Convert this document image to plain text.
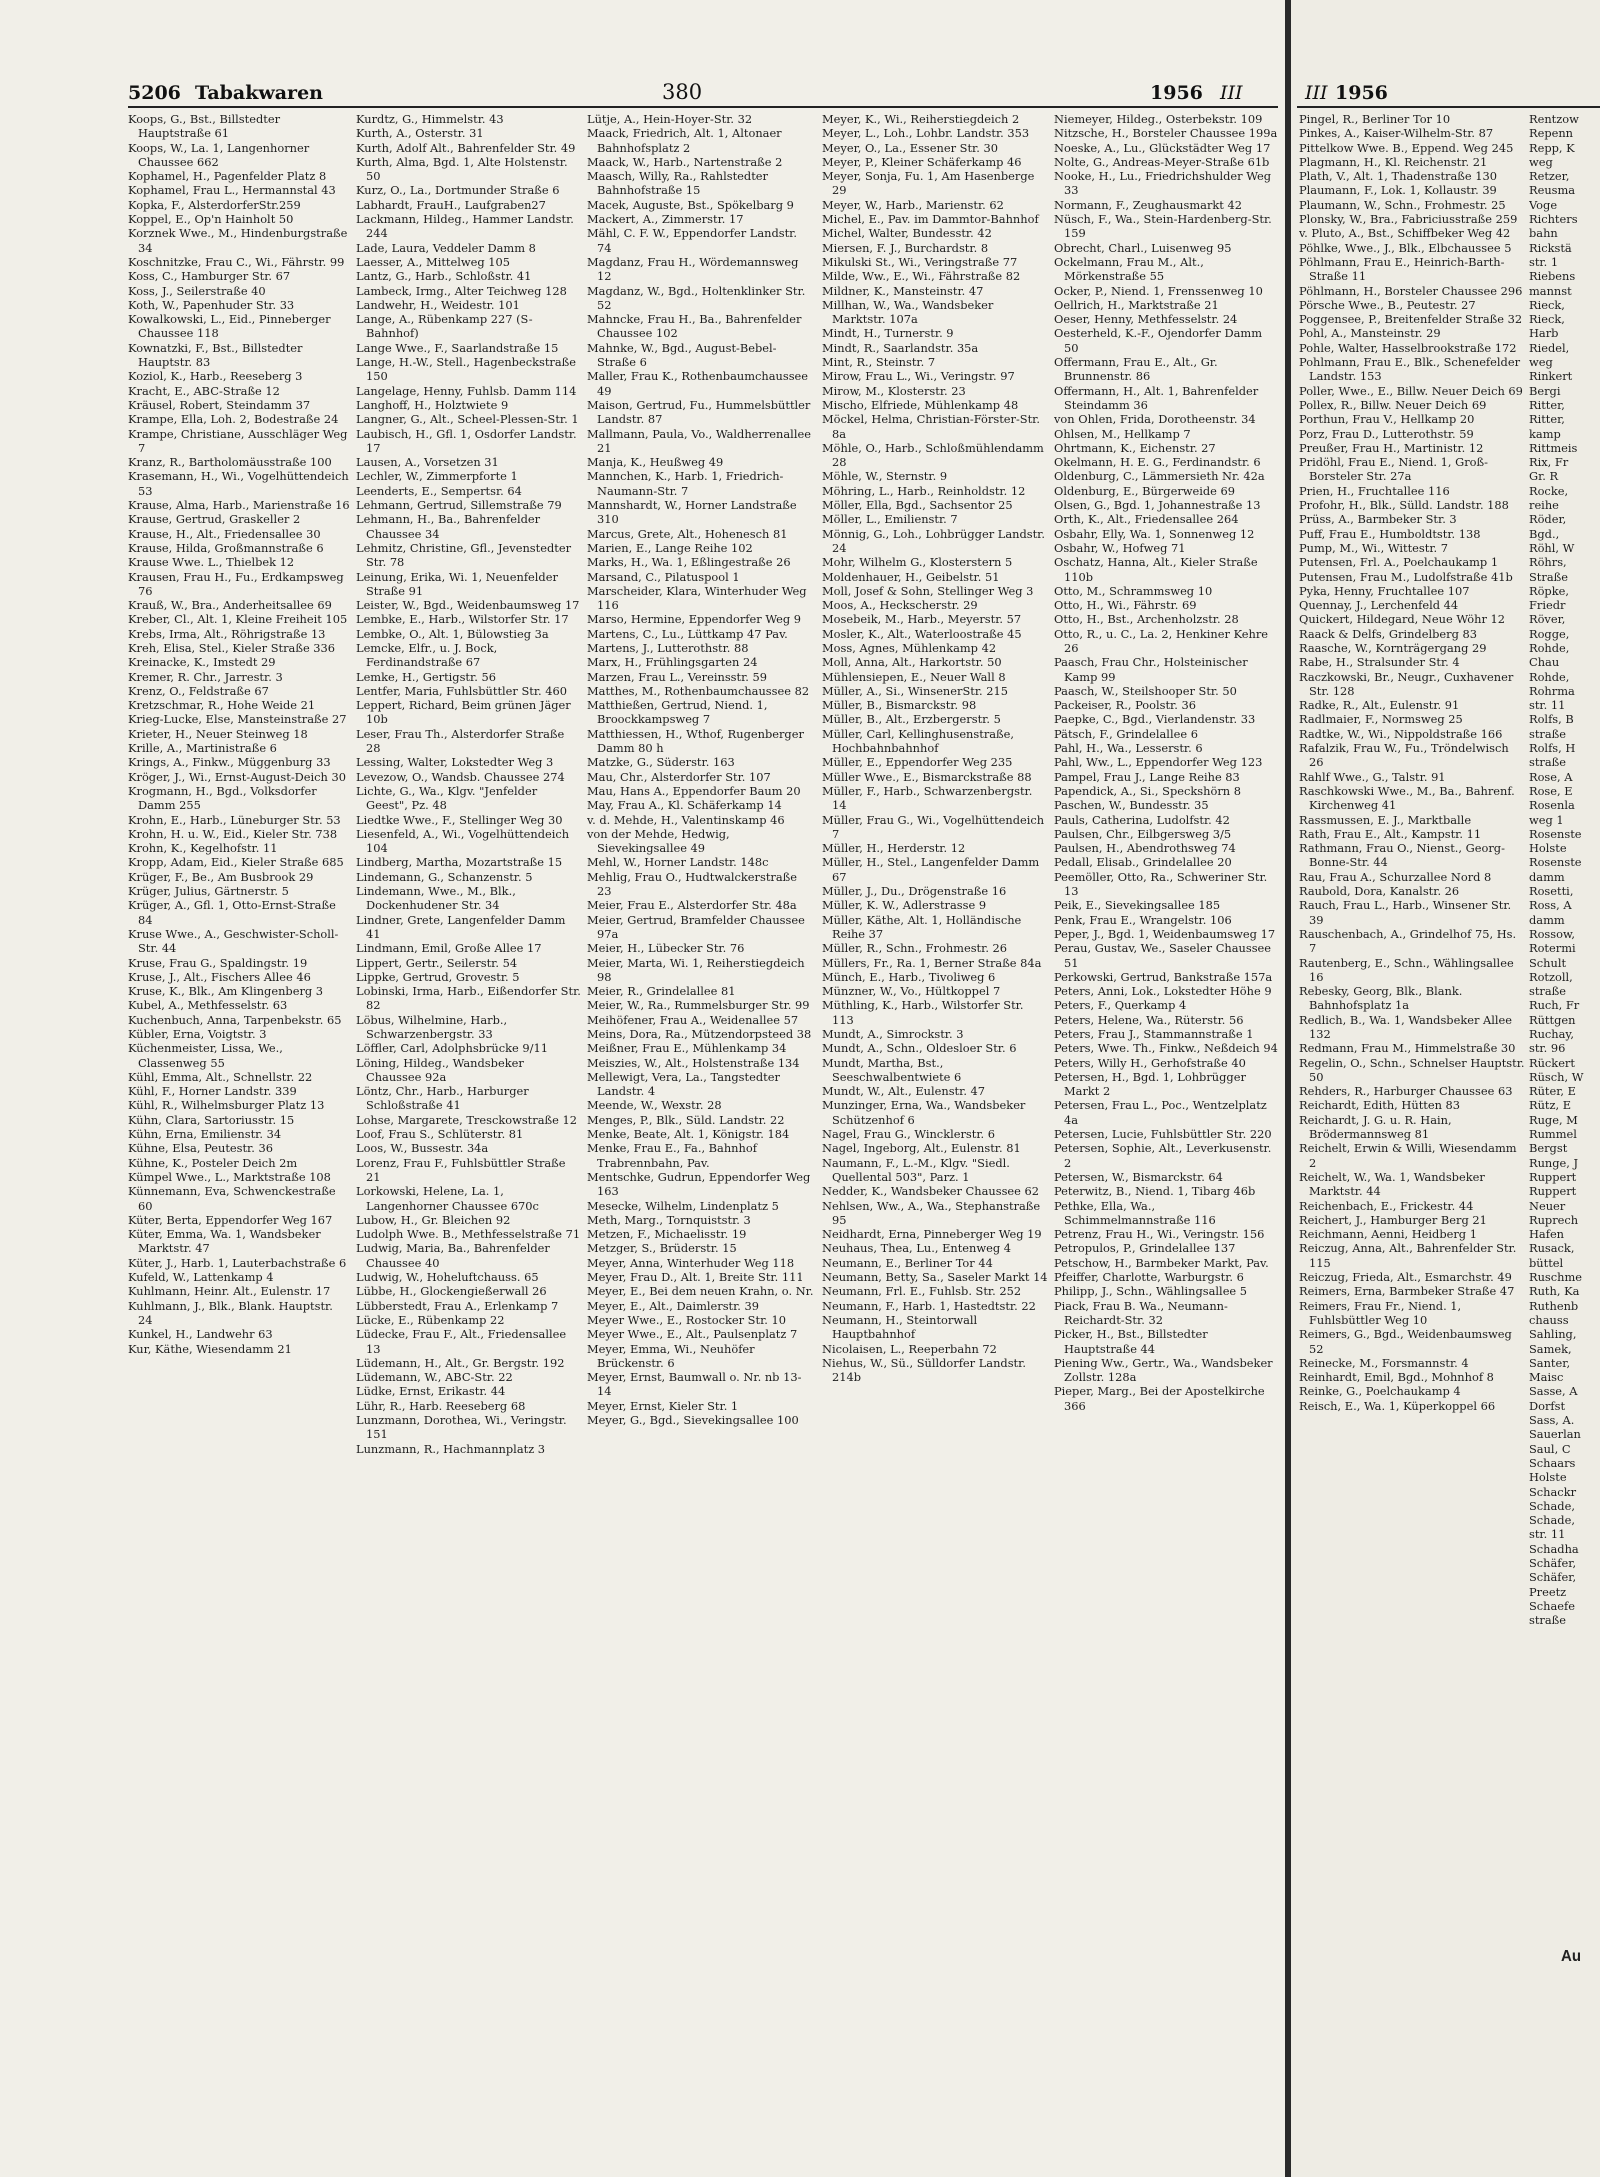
5206 Tabakwaren	380	1956 III

Koops, G., Bst., Billstedter Hauptstraße 61

Koops, W., La. 1, Langenhorner Chaussee 662

Kophamel, H., Pagenfelder Platz 8

Kophamel, Frau L., Hermannstal 43

Kopka, F., AlsterdorferStr.259

Koppel, E., Op'n Hainholt 50

Korznek Wwe., M., Hindenburgstraße 34

Koschnitzke, Frau C., Wi., Fährstr. 99

Koss, C., Hamburger Str. 67

Koss, J., Seilerstraße 40

Koth, W., Papenhuder Str. 33

Kowalkowski, L., Eid., Pinneberger Chaussee 118

Kownatzki, F., Bst., Billstedter Hauptstr. 83

Koziol, K., Harb., Reeseberg 3

Kracht, E., ABC-Straße 12

Kräusel, Robert, Steindamm 37

Krampe, Ella, Loh. 2, Bodestraße 24

Krampe, Christiane, Ausschläger Weg 7

Kranz, R., Bartholomäusstraße 100

Krasemann, H., Wi., Vogelhüttendeich 53

Krause, Alma, Harb., Marienstraße 16

Krause, Gertrud, Graskeller 2

Krause, H., Alt., Friedensallee 30

Krause, Hilda, Großmannstraße 6

Krause Wwe. L., Thielbek 12

Krausen, Frau H., Fu., Erdkampsweg 76

Krauß, W., Bra., Anderheitsallee 69

Kreber, Cl., Alt. 1, Kleine Freiheit 105

Krebs, Irma, Alt., Röhrigstraße 13

Kreh, Elisa, Stel., Kieler Straße 336

Kreinacke, K., Imstedt 29

Kremer, R. Chr., Jarrestr. 3

Krenz, O., Feldstraße 67

Kretzschmar, R., Hohe Weide 21

Krieg-Lucke, Else, Mansteinstraße 27

Krieter, H., Neuer Steinweg 18

Krille, A., Martinistraße 6

Krings, A., Finkw., Müggenburg 33

Kröger, J., Wi., Ernst-August-Deich 30

Krogmann, H., Bgd., Volksdorfer Damm 255

Krohn, E., Harb., Lüneburger Str. 53

Krohn, H. u. W., Eid., Kieler Str. 738

Krohn, K., Kegelhofstr. 11

Kropp, Adam, Eid., Kieler Straße 685

Krüger, F., Be., Am Busbrook 29

Krüger, Julius, Gärtnerstr. 5

Krüger, A., Gfl. 1, Otto-Ernst-Straße 84

Kruse Wwe., A., Geschwister-Scholl-Str. 44

Kruse, Frau G., Spaldingstr. 19

Kruse, J., Alt., Fischers Allee 46

Kruse, K., Blk., Am Klingenberg 3

Kubel, A., Methfesselstr. 63

Kuchenbuch, Anna, Tarpenbekstr. 65

Kübler, Erna, Voigtstr. 3

Küchenmeister, Lissa, We., Classenweg 55

Kühl, Emma, Alt., Schnellstr. 22

Kühl, F., Horner Landstr. 339

Kühl, R., Wilhelmsburger Platz 13

Kühn, Clara, Sartoriusstr. 15

Kühn, Erna, Emilienstr. 34

Kühne, Elsa, Peutestr. 36

Kühne, K., Posteler Deich 2m

Kümpel Wwe., L., Marktstraße 108

Künnemann, Eva, Schwenckestraße 60

Küter, Berta, Eppendorfer Weg 167

Küter, Emma, Wa. 1, Wandsbeker Marktstr. 47

Küter, J., Harb. 1, Lauterbachstraße 6

Kufeld, W., Lattenkamp 4

Kuhlmann, Heinr. Alt., Eulenstr. 17

Kuhlmann, J., Blk., Blank. Hauptstr. 24

Kunkel, H., Landwehr 63

Kur, Käthe, Wiesendamm 21

Kurdtz, G., Himmelstr. 43

Kurth, A., Osterstr. 31

Kurth, Adolf Alt., Bahrenfelder Str. 49

Kurth, Alma, Bgd. 1, Alte Holstenstr. 50

Kurz, O., La., Dortmunder Straße 6

Labhardt, FrauH., Laufgraben27

Lackmann, Hildeg., Hammer Landstr. 244

Lade, Laura, Veddeler Damm 8

Laesser, A., Mittelweg 105

Lantz, G., Harb., Schloßstr. 41

Lambeck, Irmg., Alter Teichweg 128

Landwehr, H., Weidestr. 101

Lange, A., Rübenkamp 227 (S-Bahnhof)

Lange Wwe., F., Saarlandstraße 15

Lange, H.-W., Stell., Hagenbeckstraße 150

Langelage, Henny, Fuhlsb. Damm 114

Langhoff, H., Holztwiete 9

Langner, G., Alt., Scheel-Plessen-Str. 1

Laubisch, H., Gfl. 1, Osdorfer Landstr. 17

Lausen, A., Vorsetzen 31

Lechler, W., Zimmerpforte 1

Leenderts, E., Sempertsr. 64

Lehmann, Gertrud, Sillemstraße 79

Lehmann, H., Ba., Bahrenfelder Chaussee 34

Lehmitz, Christine, Gfl., Jevenstedter Str. 78

Leinung, Erika, Wi. 1, Neuenfelder Straße 91

Leister, W., Bgd., Weidenbaumsweg 17

Lembke, E., Harb., Wilstorfer Str. 17

Lembke, O., Alt. 1, Bülowstieg 3a

Lemcke, Elfr., u. J. Bock, Ferdinandstraße 67

Lemke, H., Gertigstr. 56

Lentfer, Maria, Fuhlsbüttler Str. 460

Leppert, Richard, Beim grünen Jäger 10b

Leser, Frau Th., Alsterdorfer Straße 28

Lessing, Walter, Lokstedter Weg 3

Levezow, O., Wandsb. Chaussee 274

Lichte, G., Wa., Klgv. "Jenfelder Geest", Pz. 48

Liedtke Wwe., F., Stellinger Weg 30

Liesenfeld, A., Wi., Vogelhüttendeich 104

Lindberg, Martha, Mozartstraße 15

Lindemann, G., Schanzenstr. 5

Lindemann, Wwe., M., Blk., Dockenhudener Str. 34

Lindner, Grete, Langenfelder Damm 41

Lindmann, Emil, Große Allee 17

Lippert, Gertr., Seilerstr. 54

Lippke, Gertrud, Grovestr. 5

Lobinski, Irma, Harb., Eißendorfer Str. 82

Löbus, Wilhelmine, Harb., Schwarzenbergstr. 33

Löffler, Carl, Adolphsbrücke 9/11

Löning, Hildeg., Wandsbeker Chaussee 92a

Löntz, Chr., Harb., Harburger Schloßstraße 41

Lohse, Margarete, Tresckowstraße 12

Loof, Frau S., Schlüterstr. 81

Loos, W., Bussestr. 34a

Lorenz, Frau F., Fuhlsbüttler Straße 21

Lorkowski, Helene, La. 1, Langenhorner Chaussee 670c

Lubow, H., Gr. Bleichen 92

Ludolph Wwe. B., Methfesselstraße 71

Ludwig, Maria, Ba., Bahrenfelder Chaussee 40

Ludwig, W., Hoheluftchauss. 65

Lübbe, H., Glockengießerwall 26

Lübberstedt, Frau A., Erlenkamp 7

Lücke, E., Rübenkamp 22

Lüdecke, Frau F., Alt., Friedensallee 13

Lüdemann, H., Alt., Gr. Bergstr. 192

Lüdemann, W., ABC-Str. 22

Lüdke, Ernst, Erikastr. 44

Lühr, R., Harb. Reeseberg 68

Lunzmann, Dorothea, Wi., Veringstr. 151

Lunzmann, R., Hachmannplatz 3

Lütje, A., Hein-Hoyer-Str. 32

Maack, Friedrich, Alt. 1, Altonaer Bahnhofsplatz 2

Maack, W., Harb., Nartenstraße 2

Maasch, Willy, Ra., Rahlstedter Bahnhofstraße 15

Macek, Auguste, Bst., Spökelbarg 9

Mackert, A., Zimmerstr. 17

Mähl, C. F. W., Eppendorfer Landstr. 74

Magdanz, Frau H., Wördemannsweg 12

Magdanz, W., Bgd., Holtenklinker Str. 52

Mahncke, Frau H., Ba., Bahrenfelder Chaussee 102

Mahnke, W., Bgd., August-Bebel-Straße 6

Maller, Frau K., Rothenbaumchaussee 49

Maison, Gertrud, Fu., Hummelsbüttler Landstr. 87

Mallmann, Paula, Vo., Waldherrenallee 21

Manja, K., Heußweg 49

Mannchen, K., Harb. 1, Friedrich-Naumann-Str. 7

Mannshardt, W., Horner Landstraße 310

Marcus, Grete, Alt., Hohenesch 81

Marien, E., Lange Reihe 102

Marks, H., Wa. 1, Eßlingestraße 26

Marsand, C., Pilatuspool 1

Marscheider, Klara, Winterhuder Weg 116

Marso, Hermine, Eppendorfer Weg 9

Martens, C., Lu., Lüttkamp 47 Pav.

Martens, J., Lutterothstr. 88

Marx, H., Frühlingsgarten 24

Marzen, Frau L., Vereinsstr. 59

Matthes, M., Rothenbaumchaussee 82

Matthießen, Gertrud, Niend. 1, Broockkampsweg 7

Matthiessen, H., Wthof, Rugenberger Damm 80 h

Matzke, G., Süderstr. 163

Mau, Chr., Alsterdorfer Str. 107

Mau, Hans A., Eppendorfer Baum 20

May, Frau A., Kl. Schäferkamp 14

v. d. Mehde, H., Valentinskamp 46

von der Mehde, Hedwig, Sievekingsallee 49

Mehl, W., Horner Landstr. 148c

Mehlig, Frau O., Hudtwalckerstraße 23

Meier, Frau E., Alsterdorfer Str. 48a

Meier, Gertrud, Bramfelder Chaussee 97a

Meier, H., Lübecker Str. 76

Meier, Marta, Wi. 1, Reiherstiegdeich 98

Meier, R., Grindelallee 81

Meier, W., Ra., Rummelsburger Str. 99

Meihöfener, Frau A., Weidenallee 57

Meins, Dora, Ra., Mützendorpsteed 38

Meißner, Frau E., Mühlenkamp 34

Meiszies, W., Alt., Holstenstraße 134

Mellewigt, Vera, La., Tangstedter Landstr. 4

Meende, W., Wexstr. 28

Menges, P., Blk., Süld. Landstr. 22

Menke, Beate, Alt. 1, Königstr. 184

Menke, Frau E., Fa., Bahnhof Trabrennbahn, Pav.

Mentschke, Gudrun, Eppendorfer Weg 163

Mesecke, Wilhelm, Lindenplatz 5

Meth, Marg., Tornquiststr. 3

Metzen, F., Michaelisstr. 19

Metzger, S., Brüderstr. 15

Meyer, Anna, Winterhuder Weg 118

Meyer, Frau D., Alt. 1, Breite Str. 111

Meyer, E., Bei dem neuen Krahn, o. Nr.

Meyer, E., Alt., Daimlerstr. 39

Meyer Wwe., E., Rostocker Str. 10

Meyer Wwe., E., Alt., Paulsenplatz 7

Meyer, Emma, Wi., Neuhöfer Brückenstr. 6

Meyer, Ernst, Baumwall o. Nr. nb 13-14

Meyer, Ernst, Kieler Str. 1

Meyer, G., Bgd., Sievekingsallee 100

Meyer, K., Wi., Reiherstiegdeich 2

Meyer, L., Loh., Lohbr. Landstr. 353

Meyer, O., La., Essener Str. 30

Meyer, P., Kleiner Schäferkamp 46

Meyer, Sonja, Fu. 1, Am Hasenberge 29

Meyer, W., Harb., Marienstr. 62

Michel, E., Pav. im Dammtor-Bahnhof

Michel, Walter, Bundesstr. 42

Miersen, F. J., Burchardstr. 8

Mikulski St., Wi., Veringstraße 77

Milde, Ww., E., Wi., Fährstraße 82

Mildner, K., Mansteinstr. 47

Millhan, W., Wa., Wandsbeker Marktstr. 107a

Mindt, H., Turnerstr. 9

Mindt, R., Saarlandstr. 35a

Mint, R., Steinstr. 7

Mirow, Frau L., Wi., Veringstr. 97

Mirow, M., Klosterstr. 23

Mischo, Elfriede, Mühlenkamp 48

Möckel, Helma, Christian-Förster-Str. 8a

Möhle, O., Harb., Schloßmühlendamm 28

Möhle, W., Sternstr. 9

Möhring, L., Harb., Reinholdstr. 12

Möller, Ella, Bgd., Sachsentor 25

Möller, L., Emilienstr. 7

Mönnig, G., Loh., Lohbrügger Landstr. 24

Mohr, Wilhelm G., Klosterstern 5

Moldenhauer, H., Geibelstr. 51

Moll, Josef & Sohn, Stellinger Weg 3

Moos, A., Heckscherstr. 29

Mosebeik, M., Harb., Meyerstr. 57

Mosler, K., Alt., Waterloostraße 45

Moss, Agnes, Mühlenkamp 42

Moll, Anna, Alt., Harkortstr. 50

Mühlensiepen, E., Neuer Wall 8

Müller, A., Si., WinsenerStr. 215

Müller, B., Bismarckstr. 98

Müller, B., Alt., Erzbergerstr. 5

Müller, Carl, Kellinghusenstraße, Hochbahnbahnhof

Müller, E., Eppendorfer Weg 235

Müller Wwe., E., Bismarckstraße 88

Müller, F., Harb., Schwarzenbergstr. 14

Müller, Frau G., Wi., Vogelhüttendeich 7

Müller, H., Herderstr. 12

Müller, H., Stel., Langenfelder Damm 67

Müller, J., Du., Drögenstraße 16

Müller, K. W., Adlerstrasse 9

Müller, Käthe, Alt. 1, Holländische Reihe 37

Müller, R., Schn., Frohmestr. 26

Müllers, Fr., Ra. 1, Berner Straße 84a

Münch, E., Harb., Tivoliweg 6

Münzner, W., Vo., Hültkoppel 7

Müthling, K., Harb., Wilstorfer Str. 113

Mundt, A., Simrockstr. 3

Mundt, A., Schn., Oldesloer Str. 6

Mundt, Martha, Bst., Seeschwalbentwiete 6

Mundt, W., Alt., Eulenstr. 47

Munzinger, Erna, Wa., Wandsbeker Schützenhof 6

Nagel, Frau G., Wincklerstr. 6

Nagel, Ingeborg, Alt., Eulenstr. 81

Naumann, F., L.-M., Klgv. "Siedl. Quellental 503", Parz. 1

Nedder, K., Wandsbeker Chaussee 62

Nehlsen, Ww., A., Wa., Stephanstraße 95

Neidhardt, Erna, Pinneberger Weg 19

Neuhaus, Thea, Lu., Entenweg 4

Neumann, E., Berliner Tor 44

Neumann, Betty, Sa., Saseler Markt 14

Neumann, Frl. E., Fuhlsb. Str. 252

Neumann, F., Harb. 1, Hastedtstr. 22

Neumann, H., Steintorwall Hauptbahnhof

Nicolaisen, L., Reeperbahn 72

Niehus, W., Sü., Sülldorfer Landstr. 214b

Niemeyer, Hildeg., Osterbekstr. 109

Nitzsche, H., Borsteler Chaussee 199a

Noeske, A., Lu., Glückstädter Weg 17

Nolte, G., Andreas-Meyer-Straße 61b

Nooke, H., Lu., Friedrichshulder Weg 33

Normann, F., Zeughausmarkt 42

Nüsch, F., Wa., Stein-Hardenberg-Str. 159

Obrecht, Charl., Luisenweg 95

Ockelmann, Frau M., Alt., Mörkenstraße 55

Ocker, P., Niend. 1, Frenssenweg 10

Oellrich, H., Marktstraße 21

Oeser, Henny, Methfesselstr. 24

Oesterheld, K.-F., Ojendorfer Damm 50

Offermann, Frau E., Alt., Gr. Brunnenstr. 86

Offermann, H., Alt. 1, Bahrenfelder Steindamm 36

von Ohlen, Frida, Dorotheenstr. 34

Ohlsen, M., Hellkamp 7

Ohrtmann, K., Eichenstr. 27

Okelmann, H. E. G., Ferdinandstr. 6

Oldenburg, C., Lämmersieth Nr. 42a

Oldenburg, E., Bürgerweide 69

Olsen, G., Bgd. 1, Johannestraße 13

Orth, K., Alt., Friedensallee 264

Osbahr, Elly, Wa. 1, Sonnenweg 12

Osbahr, W., Hofweg 71

Oschatz, Hanna, Alt., Kieler Straße 110b

Otto, M., Schrammsweg 10

Otto, H., Wi., Fährstr. 69

Otto, H., Bst., Archenholzstr. 28

Otto, R., u. C., La. 2, Henkiner Kehre 26

Paasch, Frau Chr., Holsteinischer Kamp 99

Paasch, W., Steilshooper Str. 50

Packeiser, R., Poolstr. 36

Paepke, C., Bgd., Vierlandenstr. 33

Pätsch, F., Grindelallee 6

Pahl, H., Wa., Lesserstr. 6

Pahl, Ww., L., Eppendorfer Weg 123

Pampel, Frau J., Lange Reihe 83

Papendick, A., Si., Speckshörn 8

Paschen, W., Bundesstr. 35

Pauls, Catherina, Ludolfstr. 42

Paulsen, Chr., Eilbgersweg 3/5

Paulsen, H., Abendrothsweg 74

Pedall, Elisab., Grindelallee 20

Peemöller, Otto, Ra., Schweriner Str. 13

Peik, E., Sievekingsallee 185

Penk, Frau E., Wrangelstr. 106

Peper, J., Bgd. 1, Weidenbaumsweg 17

Perau, Gustav, We., Saseler Chaussee 51

Perkowski, Gertrud, Bankstraße 157a

Peters, Anni, Lok., Lokstedter Höhe 9

Peters, F., Querkamp 4

Peters, Helene, Wa., Rüterstr. 56

Peters, Frau J., Stammannstraße 1

Peters, Wwe. Th., Finkw., Neßdeich 94

Peters, Willy H., Gerhofstraße 40

Petersen, H., Bgd. 1, Lohbrügger Markt 2

Petersen, Frau L., Poc., Wentzelplatz 4a

Petersen, Lucie, Fuhlsbüttler Str. 220

Petersen, Sophie, Alt., Leverkusenstr. 2

Petersen, W., Bismarckstr. 64

Peterwitz, B., Niend. 1, Tibarg 46b

Pethke, Ella, Wa., Schimmelmannstraße 116

Petrenz, Frau H., Wi., Veringstr. 156

Petropulos, P., Grindelallee 137

Petschow, H., Barmbeker Markt, Pav.

Pfeiffer, Charlotte, Warburgstr. 6

Philipp, J., Schn., Wählingsallee 5

Piack, Frau B. Wa., Neumann-Reichardt-Str. 32

Picker, H., Bst., Billstedter Hauptstraße 44

Piening Ww., Gertr., Wa., Wandsbeker Zollstr. 128a

Pieper, Marg., Bei der Apostelkirche 366

III 1956

Pingel, R., Berliner Tor 10

Pinkes, A., Kaiser-Wilhelm-Str. 87

Pittelkow Wwe. B., Eppend. Weg 245

Plagmann, H., Kl. Reichenstr. 21

Plath, V., Alt. 1, Thadenstraße 130

Plaumann, F., Lok. 1, Kollaustr. 39

Plaumann, W., Schn., Frohmestr. 25

Plonsky, W., Bra., Fabriciusstraße 259

v. Pluto, A., Bst., Schiffbeker Weg 42

Pöhlke, Wwe., J., Blk., Elbchaussee 5

Pöhlmann, Frau E., Heinrich-Barth-Straße 11

Pöhlmann, H., Borsteler Chaussee 296

Pörsche Wwe., B., Peutestr. 27

Poggensee, P., Breitenfelder Straße 32

Pohl, A., Mansteinstr. 29

Pohle, Walter, Hasselbrookstraße 172

Pohlmann, Frau E., Blk., Schenefelder Landstr. 153

Poller, Wwe., E., Billw. Neuer Deich 69

Pollex, R., Billw. Neuer Deich 69

Porthun, Frau V., Hellkamp 20

Porz, Frau D., Lutterothstr. 59

Preußer, Frau H., Martinistr. 12

Pridöhl, Frau E., Niend. 1, Groß-Borsteler Str. 27a

Prien, H., Fruchtallee 116

Profohr, H., Blk., Sülld. Landstr. 188

Prüss, A., Barmbeker Str. 3

Puff, Frau E., Humboldtstr. 138

Pump, M., Wi., Wittestr. 7

Putensen, Frl. A., Poelchaukamp 1

Putensen, Frau M., Ludolfstraße 41b

Pyka, Henny, Fruchtallee 107

Quennay, J., Lerchenfeld 44

Quickert, Hildegard, Neue Wöhr 12

Raack & Delfs, Grindelberg 83

Raasche, W., Kornträgergang 29

Rabe, H., Stralsunder Str. 4

Raczkowski, Br., Neugr., Cuxhavener Str. 128

Radke, R., Alt., Eulenstr. 91

Radlmaier, F., Normsweg 25

Radtke, W., Wi., Nippoldstraße 166

Rafalzik, Frau W., Fu., Tröndelwisch 26

Rahlf Wwe., G., Talstr. 91

Raschkowski Wwe., M., Ba., Bahrenf. Kirchenweg 41

Rassmussen, E. J., Marktballe

Rath, Frau E., Alt., Kampstr. 11

Rathmann, Frau O., Nienst., Georg-Bonne-Str. 44

Rau, Frau A., Schurzallee Nord 8

Raubold, Dora, Kanalstr. 26

Rauch, Frau L., Harb., Winsener Str. 39

Rauschenbach, A., Grindelhof 75, Hs. 7

Rautenberg, E., Schn., Wählingsallee 16

Rebesky, Georg, Blk., Blank. Bahnhofsplatz 1a

Redlich, B., Wa. 1, Wandsbeker Allee 132

Redmann, Frau M., Himmelstraße 30

Regelin, O., Schn., Schnelser Hauptstr. 50

Rehders, R., Harburger Chaussee 63

Reichardt, Edith, Hütten 83

Reichardt, J. G. u. R. Hain, Brödermannsweg 81

Reichelt, Erwin & Willi, Wiesendamm 2

Reichelt, W., Wa. 1, Wandsbeker Marktstr. 44

Reichenbach, E., Frickestr. 44

Reichert, J., Hamburger Berg 21

Reichmann, Aenni, Heidberg 1

Reiczug, Anna, Alt., Bahrenfelder Str. 115

Reiczug, Frieda, Alt., Esmarchstr. 49

Reimers, Erna, Barmbeker Straße 47

Reimers, Frau Fr., Niend. 1, Fuhlsbüttler Weg 10

Reimers, G., Bgd., Weidenbaumsweg 52

Reinecke, M., Forsmannstr. 4

Reinhardt, Emil, Bgd., Mohnhof 8

Reinke, G., Poelchaukamp 4

Reisch, E., Wa. 1, Küperkoppel 66

Rentzow

Repenn

Repp, K

weg

Retzer,

Reusma

Voge

Richters

bahn

Rickstä

str. 1

Riebens

mannst

Rieck,

Rieck,

Harb

Riedel,

weg

Rinkert

Bergi

Ritter,

Ritter,

kamp

Rittmeis

Rix, Fr

Gr. R

Rocke,

reihe

Röder,

Bgd.,

Röhl, W

Röhrs,

Straße

Röpke,

Friedr

Röver,

Rogge,

Rohde,

Chau

Rohde,

Rohrma

str. 11

Rolfs, B

straße

Rolfs, H

straße

Rose, A

Rose, E

Rosenla

weg 1

Rosenste

Holste

Rosenste

damm

Rosetti,

Ross, A

damm

Rossow,

Rotermi

Schult

Rotzoll,

straße

Ruch, Fr

Rüttgen

Ruchay,

str. 96

Rückert

Rüsch, W

Rüter, E

Rütz, E

Ruge, M

Rummel

Bergst

Runge, J

Ruppert

Ruppert

Neuer

Ruprech

Hafen

Rusack,

büttel

Ruschme

Ruth, Ka

Ruthenb

chauss

Sahling,

Samek,

Santer,

Maisc

Sasse, A

Dorfst

Sass, A.

Sauerlan

Saul, C

Schaars

Holste

Schackr

Schade,

Schade,

str. 11

Schadha

Schäfer,

Schäfer,

Preetz

Schaefe

straße

Au
